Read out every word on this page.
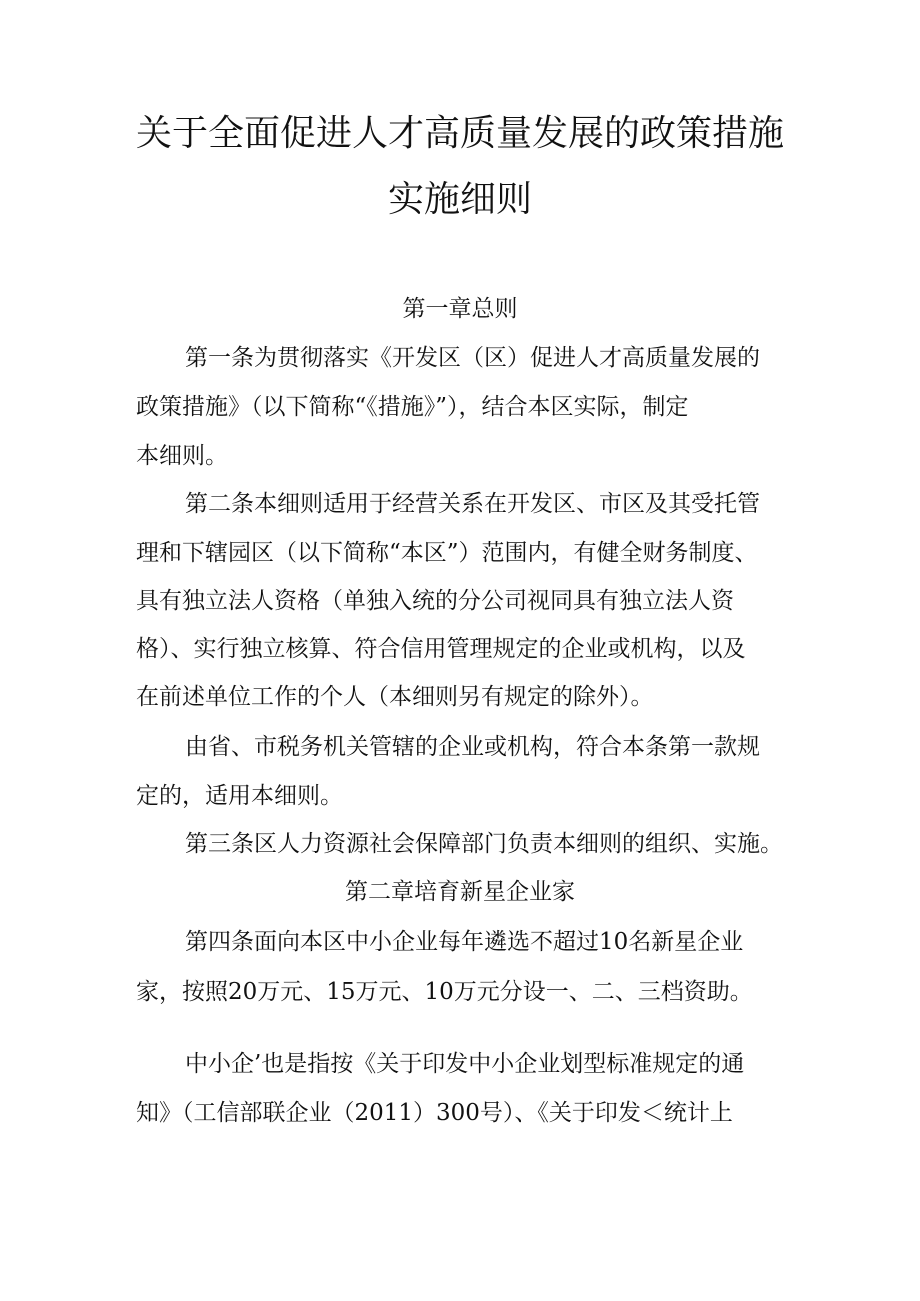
关于全面促进人才高质量发展的政策措施
实施细则
第一章总则
第一条为贯彻落实《开发区（区）促进人才高质量发展的
政策措施》（以下简称“《措施》”），结合本区实际，制定
本细则。
第二条本细则适用于经营关系在开发区、市区及其受托管
理和下辖园区（以下简称“本区”）范围内，有健全财务制度、
具有独立法人资格（单独入统的分公司视同具有独立法人资
格）、实行独立核算、符合信用管理规定的企业或机构，以及
在前述单位工作的个人（本细则另有规定的除外）。
由省、市税务机关管辖的企业或机构，符合本条第一款规
定的，适用本细则。
第三条区人力资源社会保障部门负责本细则的组织、实施。
第二章培育新星企业家
第四条面向本区中小企业每年遴选不超过10名新星企业
家，按照20万元、15万元、10万元分设一、二、三档资助。
中小企’也是指按《关于印发中小企业划型标准规定的通
知》（工信部联企业（2011）300号）、《关于印发＜统计上
